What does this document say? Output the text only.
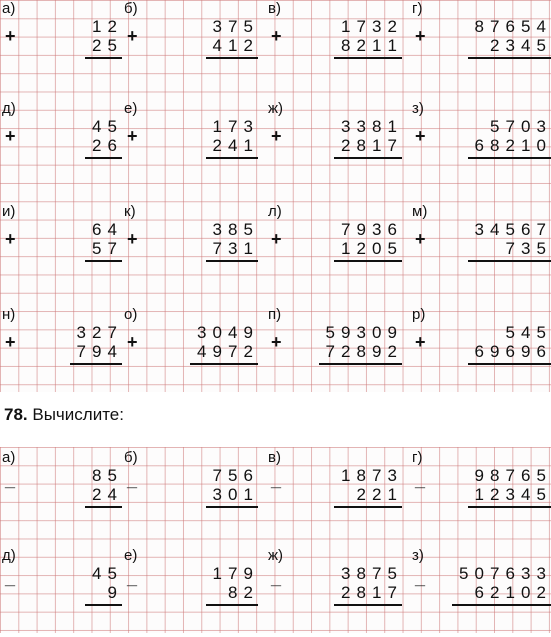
78. Вычислите:
а)
+	1 2
2 5
б)
+	3 7 5
4 1 2
в)
+	1 7 3 2
8 2 1 1
г)
+	8 7 6 5 4
2 3 4 5
д)
+	4 5
2 6
е)
+	1 7 3
2 4 1
ж)
+	3 3 8 1
2 8 1 7
з)
+	5 7 0 3
6 8 2 1 0
и)
+	6 4
5 7
к)
+	3 8 5
7 3 1
л)
+	7 9 3 6
1 2 0 5
м)
+	3 4 5 6 7
7 3 5
н)
+	3 2 7
7 9 4
о)
+	3 0 4 9
4 9 7 2
п)
+	5 9 3 0 9
7 2 8 9 2
р)
+	5 4 5
6 9 6 9 6
а)
_	8 5
2 4
б)
_	7 5 6
3 0 1
в)
_	1 8 7 3
2 2 1
г)
_	9 8 7 6 5
1 2 3 4 5
д)
_	4 5
9
е)
_	1 7 9
8 2
ж)
_	3 8 7 5
2 8 1 7
з)
_ 5 0 7 6 3 3
6 2 1 0 2
